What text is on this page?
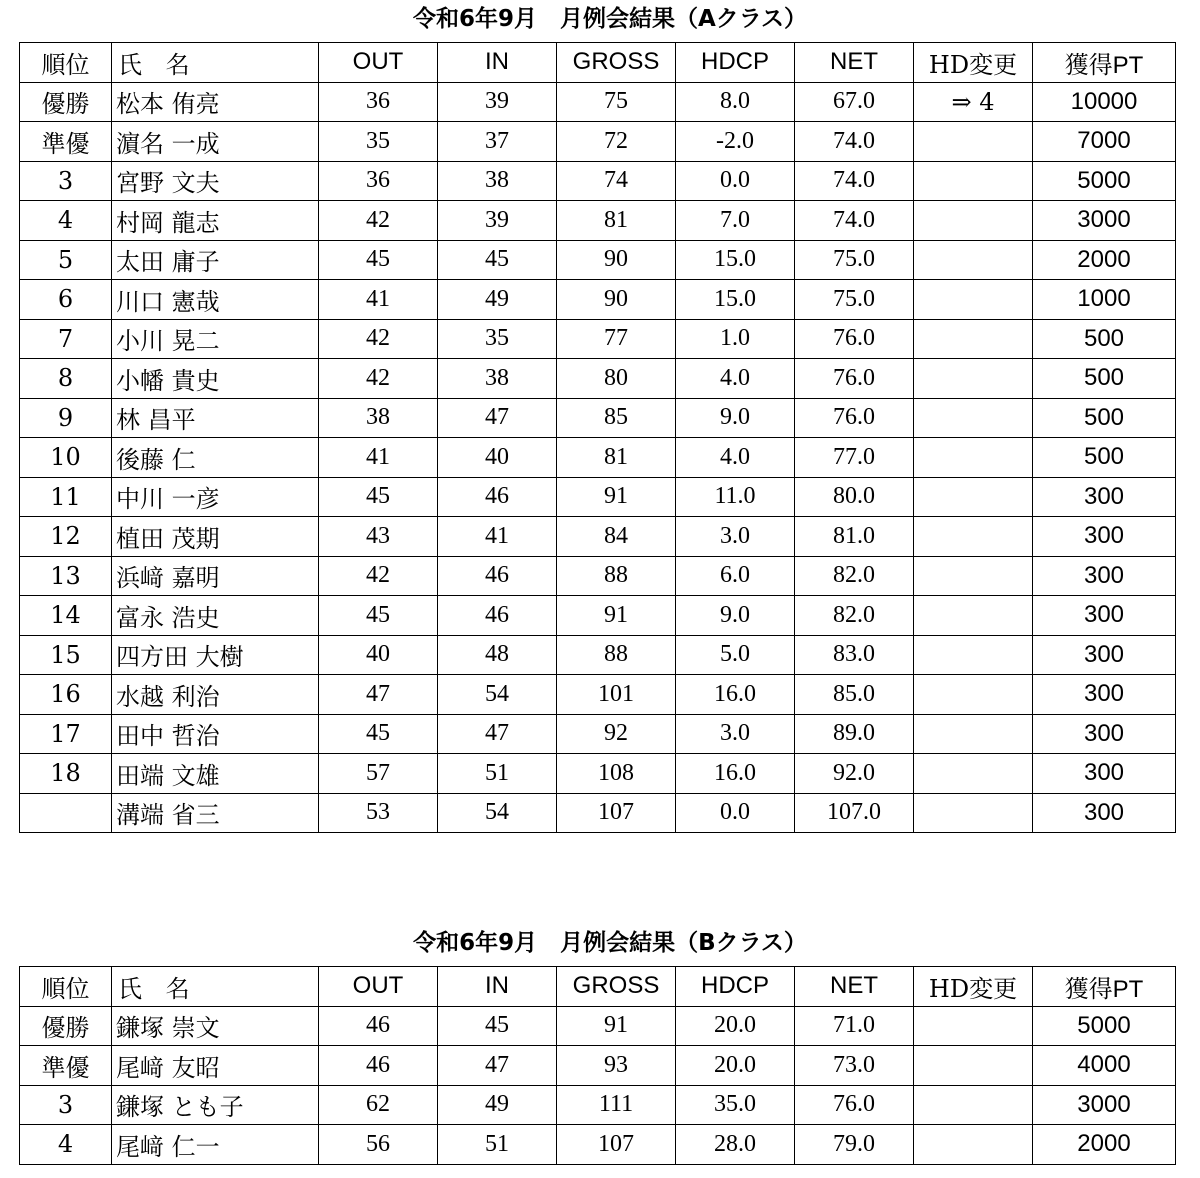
令和6年9月　月例会結果（Aクラス）
順位	氏 名	OUT	IN	GROSS	HDCP	NET	HD変更	獲得PT
優勝	松本 侑亮	36	39	75	8.0	67.0	⇒ 4	10000
準優	濵名 一成	35	37	72	-2.0	74.0		7000
3	宮野 文夫	36	38	74	0.0	74.0		5000
4	村岡 龍志	42	39	81	7.0	74.0		3000
5	太田 庸子	45	45	90	15.0	75.0		2000
6	川口 憲哉	41	49	90	15.0	75.0		1000
7	小川 晃二	42	35	77	1.0	76.0		500
8	小幡 貴史	42	38	80	4.0	76.0		500
9	林 昌平	38	47	85	9.0	76.0		500
10	後藤 仁	41	40	81	4.0	77.0		500
11	中川 一彦	45	46	91	11.0	80.0		300
12	植田 茂期	43	41	84	3.0	81.0		300
13	浜﨑 嘉明	42	46	88	6.0	82.0		300
14	富永 浩史	45	46	91	9.0	82.0		300
15	四方田 大樹	40	48	88	5.0	83.0		300
16	水越 利治	47	54	101	16.0	85.0		300
17	田中 哲治	45	47	92	3.0	89.0		300
18	田端 文雄	57	51	108	16.0	92.0		300
	溝端 省三	53	54	107	0.0	107.0		300
令和6年9月　月例会結果（Bクラス）
順位	氏 名	OUT	IN	GROSS	HDCP	NET	HD変更	獲得PT
優勝	鎌塚 崇文	46	45	91	20.0	71.0		5000
準優	尾﨑 友昭	46	47	93	20.0	73.0		4000
3	鎌塚 とも子	62	49	111	35.0	76.0		3000
4	尾﨑 仁一	56	51	107	28.0	79.0		2000
